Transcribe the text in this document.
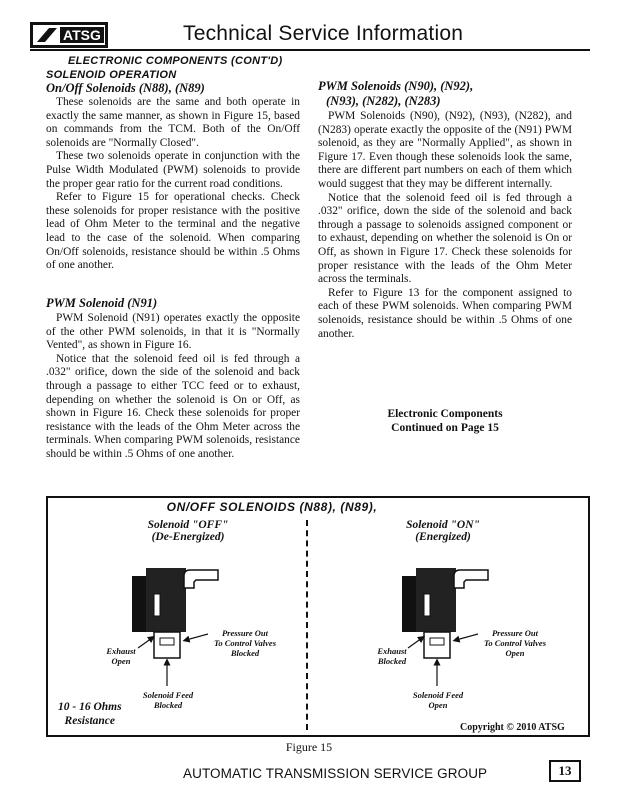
ATSG	Technical Service Information
ELECTRONIC COMPONENTS (CONT'D)
SOLENOID OPERATION
On/Off Solenoids (N88), (N89)

These solenoids are the same and both operate in exactly the same manner, as shown in Figure 15, based on commands from the TCM. Both of the On/Off solenoids are "Normally Closed".

These two solenoids operate in conjunction with the Pulse Width Modulated (PWM) solenoids to provide the proper gear ratio for the current road conditions.

Refer to Figure 15 for operational checks. Check these solenoids for proper resistance with the positive lead of Ohm Meter to the terminal and the negative lead to the case of the solenoid. When comparing On/Off solenoids, resistance should be within .5 Ohms of one another.

PWM Solenoid (N91)

PWM Solenoid (N91) operates exactly the opposite of the other PWM solenoids, in that it is "Normally Vented", as shown in Figure 16.

Notice that the solenoid feed oil is fed through a .032" orifice, down the side of the solenoid and back through a passage to either TCC feed or to exhaust, depending on whether the solenoid is On or Off, as shown in Figure 16. Check these solenoids for proper resistance with the leads of the Ohm Meter across the terminals. When comparing PWM solenoids, resistance should be within .5 Ohms of one another.

PWM Solenoids (N90), (N92),
(N93), (N282), (N283)

PWM Solenoids (N90), (N92), (N93), (N282), and (N283) operate exactly the opposite of the (N91) PWM solenoid, as they are "Normally Applied", as shown in Figure 17. Even though these solenoids look the same, there are different part numbers on each of them which would suggest that they may be different internally.

Notice that the solenoid feed oil is fed through a .032" orifice, down the side of the solenoid and back through a passage to solenoids assigned component or to exhaust, depending on whether the solenoid is On or Off, as shown in Figure 17. Check these solenoids for proper resistance with the leads of the Ohm Meter across the terminals.

Refer to Figure 13 for the component assigned to each of these PWM solenoids. When comparing PWM solenoids, resistance should be within .5 Ohms of one another.

Electronic Components
Continued on Page 15
ON/OFF SOLENOIDS (N88), (N89),
Solenoid "OFF"
(De-Energized)
Solenoid "ON"
(Energized)
Exhaust
Open
Pressure Out
To Control Valves
Blocked
Solenoid Feed
Blocked
Exhaust
Blocked
Pressure Out
To Control Valves
Open
Solenoid Feed
Open
10 - 16 Ohms
Resistance
Copyright © 2010 ATSG
Figure 15
AUTOMATIC TRANSMISSION SERVICE GROUP	13
